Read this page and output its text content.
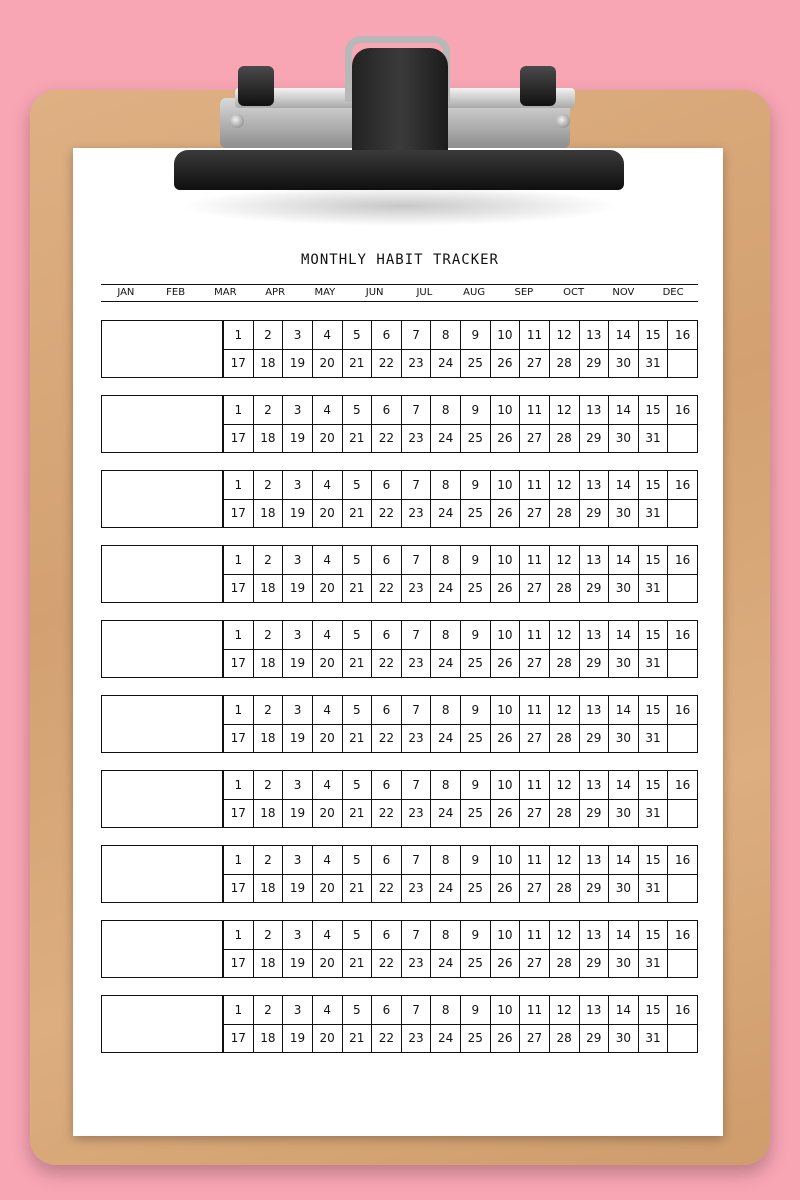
MONTHLY HABIT TRACKER
JAN	FEB	MAR	APR	MAY	JUN	JUL	AUG	SEP	OCT	NOV	DEC
1	2	3	4	5	6	7	8	9	10	11	12	13	14	15	16
17	18	19	20	21	22	23	24	25	26	27	28	29	30	31
1	2	3	4	5	6	7	8	9	10	11	12	13	14	15	16
17	18	19	20	21	22	23	24	25	26	27	28	29	30	31
1	2	3	4	5	6	7	8	9	10	11	12	13	14	15	16
17	18	19	20	21	22	23	24	25	26	27	28	29	30	31
1	2	3	4	5	6	7	8	9	10	11	12	13	14	15	16
17	18	19	20	21	22	23	24	25	26	27	28	29	30	31
1	2	3	4	5	6	7	8	9	10	11	12	13	14	15	16
17	18	19	20	21	22	23	24	25	26	27	28	29	30	31
1	2	3	4	5	6	7	8	9	10	11	12	13	14	15	16
17	18	19	20	21	22	23	24	25	26	27	28	29	30	31
1	2	3	4	5	6	7	8	9	10	11	12	13	14	15	16
17	18	19	20	21	22	23	24	25	26	27	28	29	30	31
1	2	3	4	5	6	7	8	9	10	11	12	13	14	15	16
17	18	19	20	21	22	23	24	25	26	27	28	29	30	31
1	2	3	4	5	6	7	8	9	10	11	12	13	14	15	16
17	18	19	20	21	22	23	24	25	26	27	28	29	30	31
1	2	3	4	5	6	7	8	9	10	11	12	13	14	15	16
17	18	19	20	21	22	23	24	25	26	27	28	29	30	31
